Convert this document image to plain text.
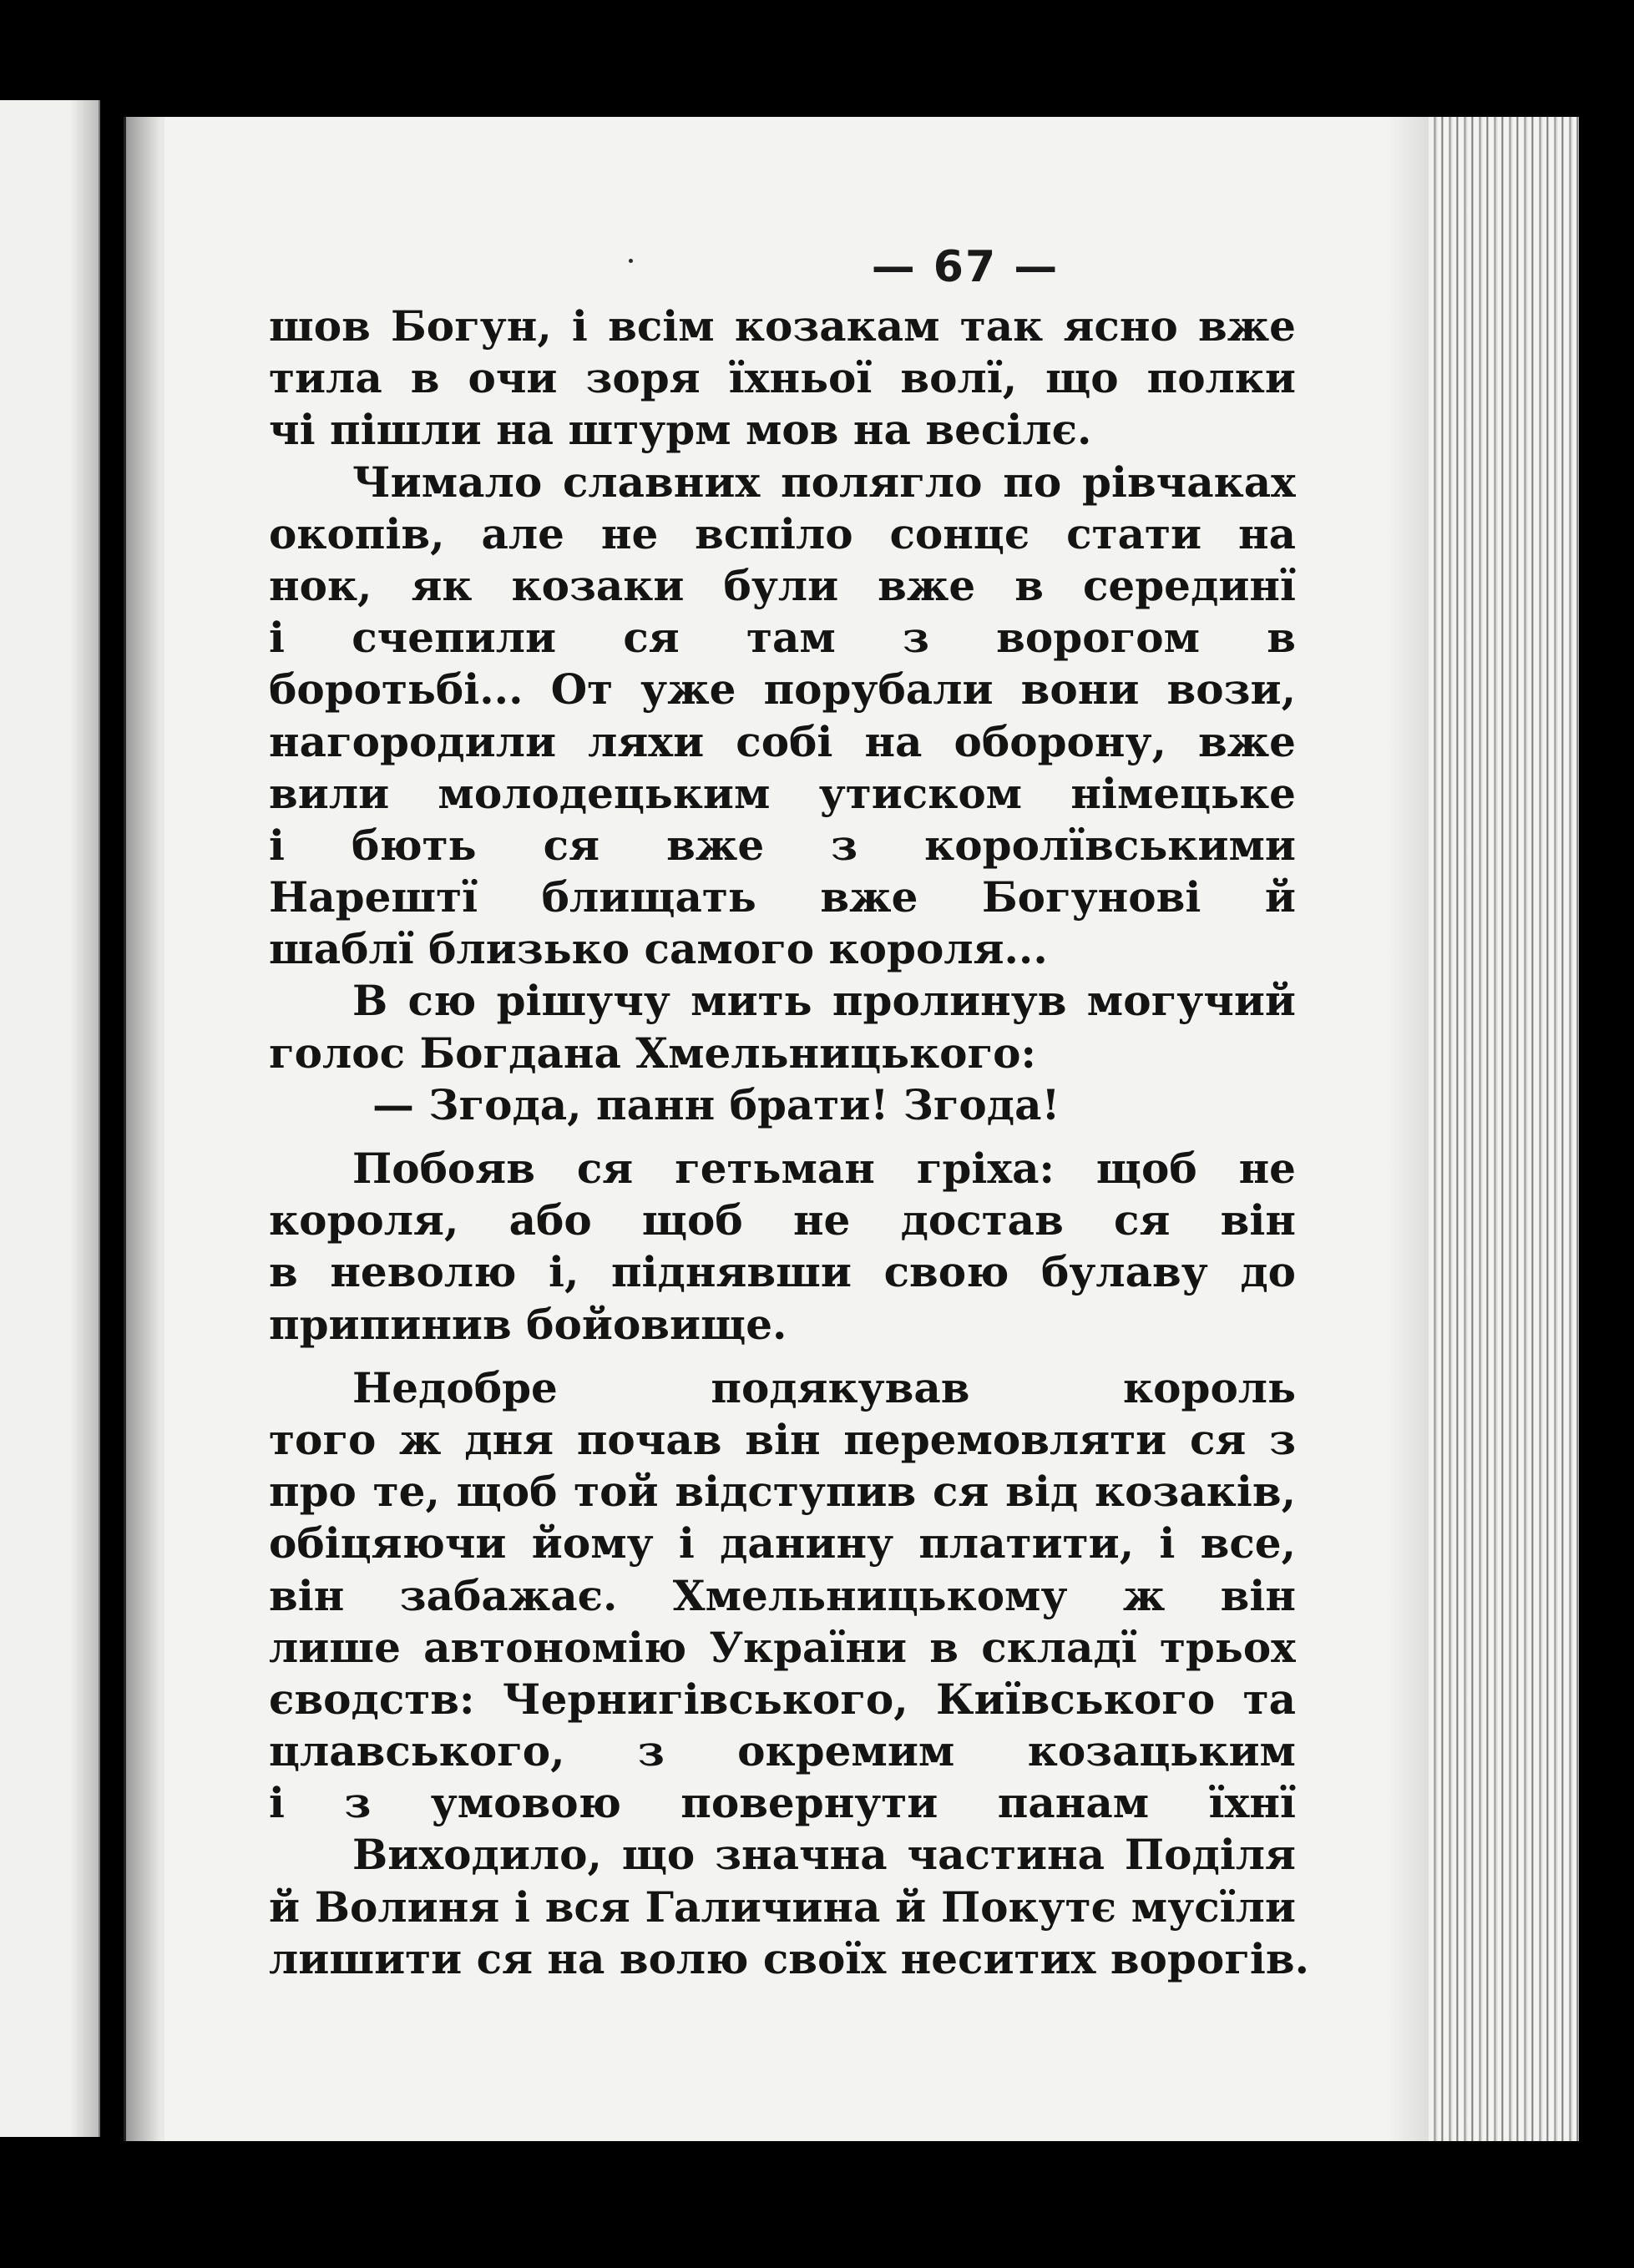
— 67 —
шов Богун, і всім козакам так ясно вже
тила в очи зоря їхньої волї, що полки
чі пішли на штурм мов на весілє.
Чимало славних полягло по рівчаках
окопів, але не вспіло сонцє стати на
нок, як козаки були вже в серединї
і счепили ся там з ворогом в
боротьбі... От уже порубали вони вози,
нагородили ляхи собі на оборону, вже
вили молодецьким утиском німецьке
і бють ся вже з королївськими
Нарештї блищать вже Богунові й
шаблї близько самого короля...
В сю рішучу мить пролинув могучий
голос Богдана Хмельницького:
— Згода, панн брати! Згода!
Побояв ся гетьман гріха: щоб не
короля, або щоб не достав ся він
в неволю і, піднявши свою булаву до
припинив бойовище.
Недобре подякував король
того ж дня почав він перемовляти ся з
про те, щоб той відступив ся від козаків,
обіцяючи йому і данину платити, і все,
він забажає. Хмельницькому ж він
лише автономію України в складї трьох
єводств: Чернигівського, Київського та
цлавського, з окремим козацьким
і з умовою повернути панам їхнї
Виходило, що значна частина Поділя
й Волиня і вся Галичина й Покутє мусїли
лишити ся на волю своїх неситих ворогів.
